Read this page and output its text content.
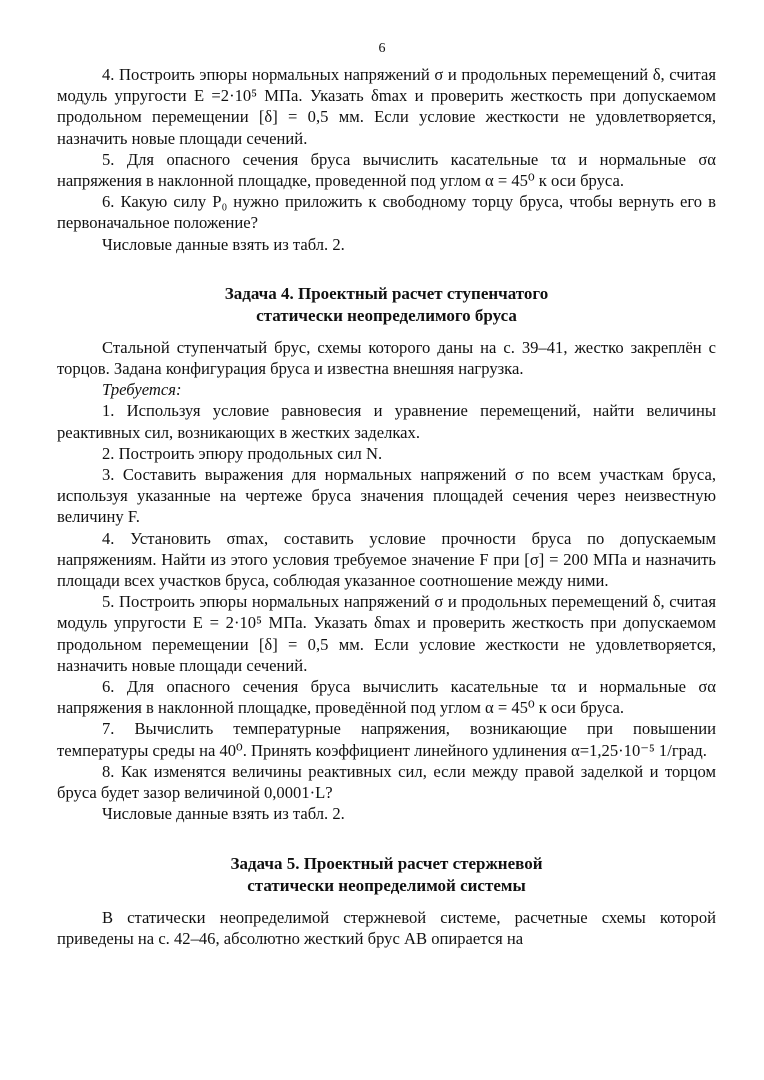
6

4. Построить эпюры нормальных напряжений σ и продольных перемещений δ, считая модуль упругости E =2·10⁵ МПа. Указать δmax и проверить жесткость при допускаемом продольном перемещении [δ] = 0,5 мм. Если условие жесткости не удовлетворяется, назначить новые площади сечений.

5. Для опасного сечения бруса вычислить касательные τα и нормальные σα напряжения в наклонной площадке, проведенной под углом α = 45⁰ к оси бруса.

6. Какую силу P₀ нужно приложить к свободному торцу бруса, чтобы вернуть его в первоначальное положение?

Числовые данные взять из табл. 2.

Задача 4. Проектный расчет ступенчатого
статически неопределимого бруса

Стальной ступенчатый брус, схемы которого даны на с. 39–41, жестко закреплён с торцов. Задана конфигурация бруса и известна внешняя нагрузка.

Требуется:

1. Используя условие равновесия и уравнение перемещений, найти величины реактивных сил, возникающих в жестких заделках.

2. Построить эпюру продольных сил N.

3. Составить выражения для нормальных напряжений σ по всем участкам бруса, используя указанные на чертеже бруса значения площадей сечения через неизвестную величину F.

4. Установить σmax, составить условие прочности бруса по допускаемым напряжениям. Найти из этого условия требуемое значение F при [σ] = 200 МПа и назначить площади всех участков бруса, соблюдая указанное соотношение между ними.

5. Построить эпюры нормальных напряжений σ и продольных перемещений δ, считая модуль упругости E = 2·10⁵ МПа. Указать δmax и проверить жесткость при допускаемом продольном перемещении [δ] = 0,5 мм. Если условие жесткости не удовлетворяется, назначить новые площади сечений.

6. Для опасного сечения бруса вычислить касательные τα и нормальные σα напряжения в наклонной площадке, проведённой под углом α = 45⁰ к оси бруса.

7. Вычислить температурные напряжения, возникающие при повышении температуры среды на 40⁰. Принять коэффициент линейного удлинения α=1,25·10⁻⁵ 1/град.

8. Как изменятся величины реактивных сил, если между правой заделкой и торцом бруса будет зазор величиной 0,0001·L?

Числовые данные взять из табл. 2.

Задача 5. Проектный расчет стержневой
статически неопределимой системы

В статически неопределимой стержневой системе, расчетные схемы которой приведены на с. 42–46, абсолютно жесткий брус AB опирается на
